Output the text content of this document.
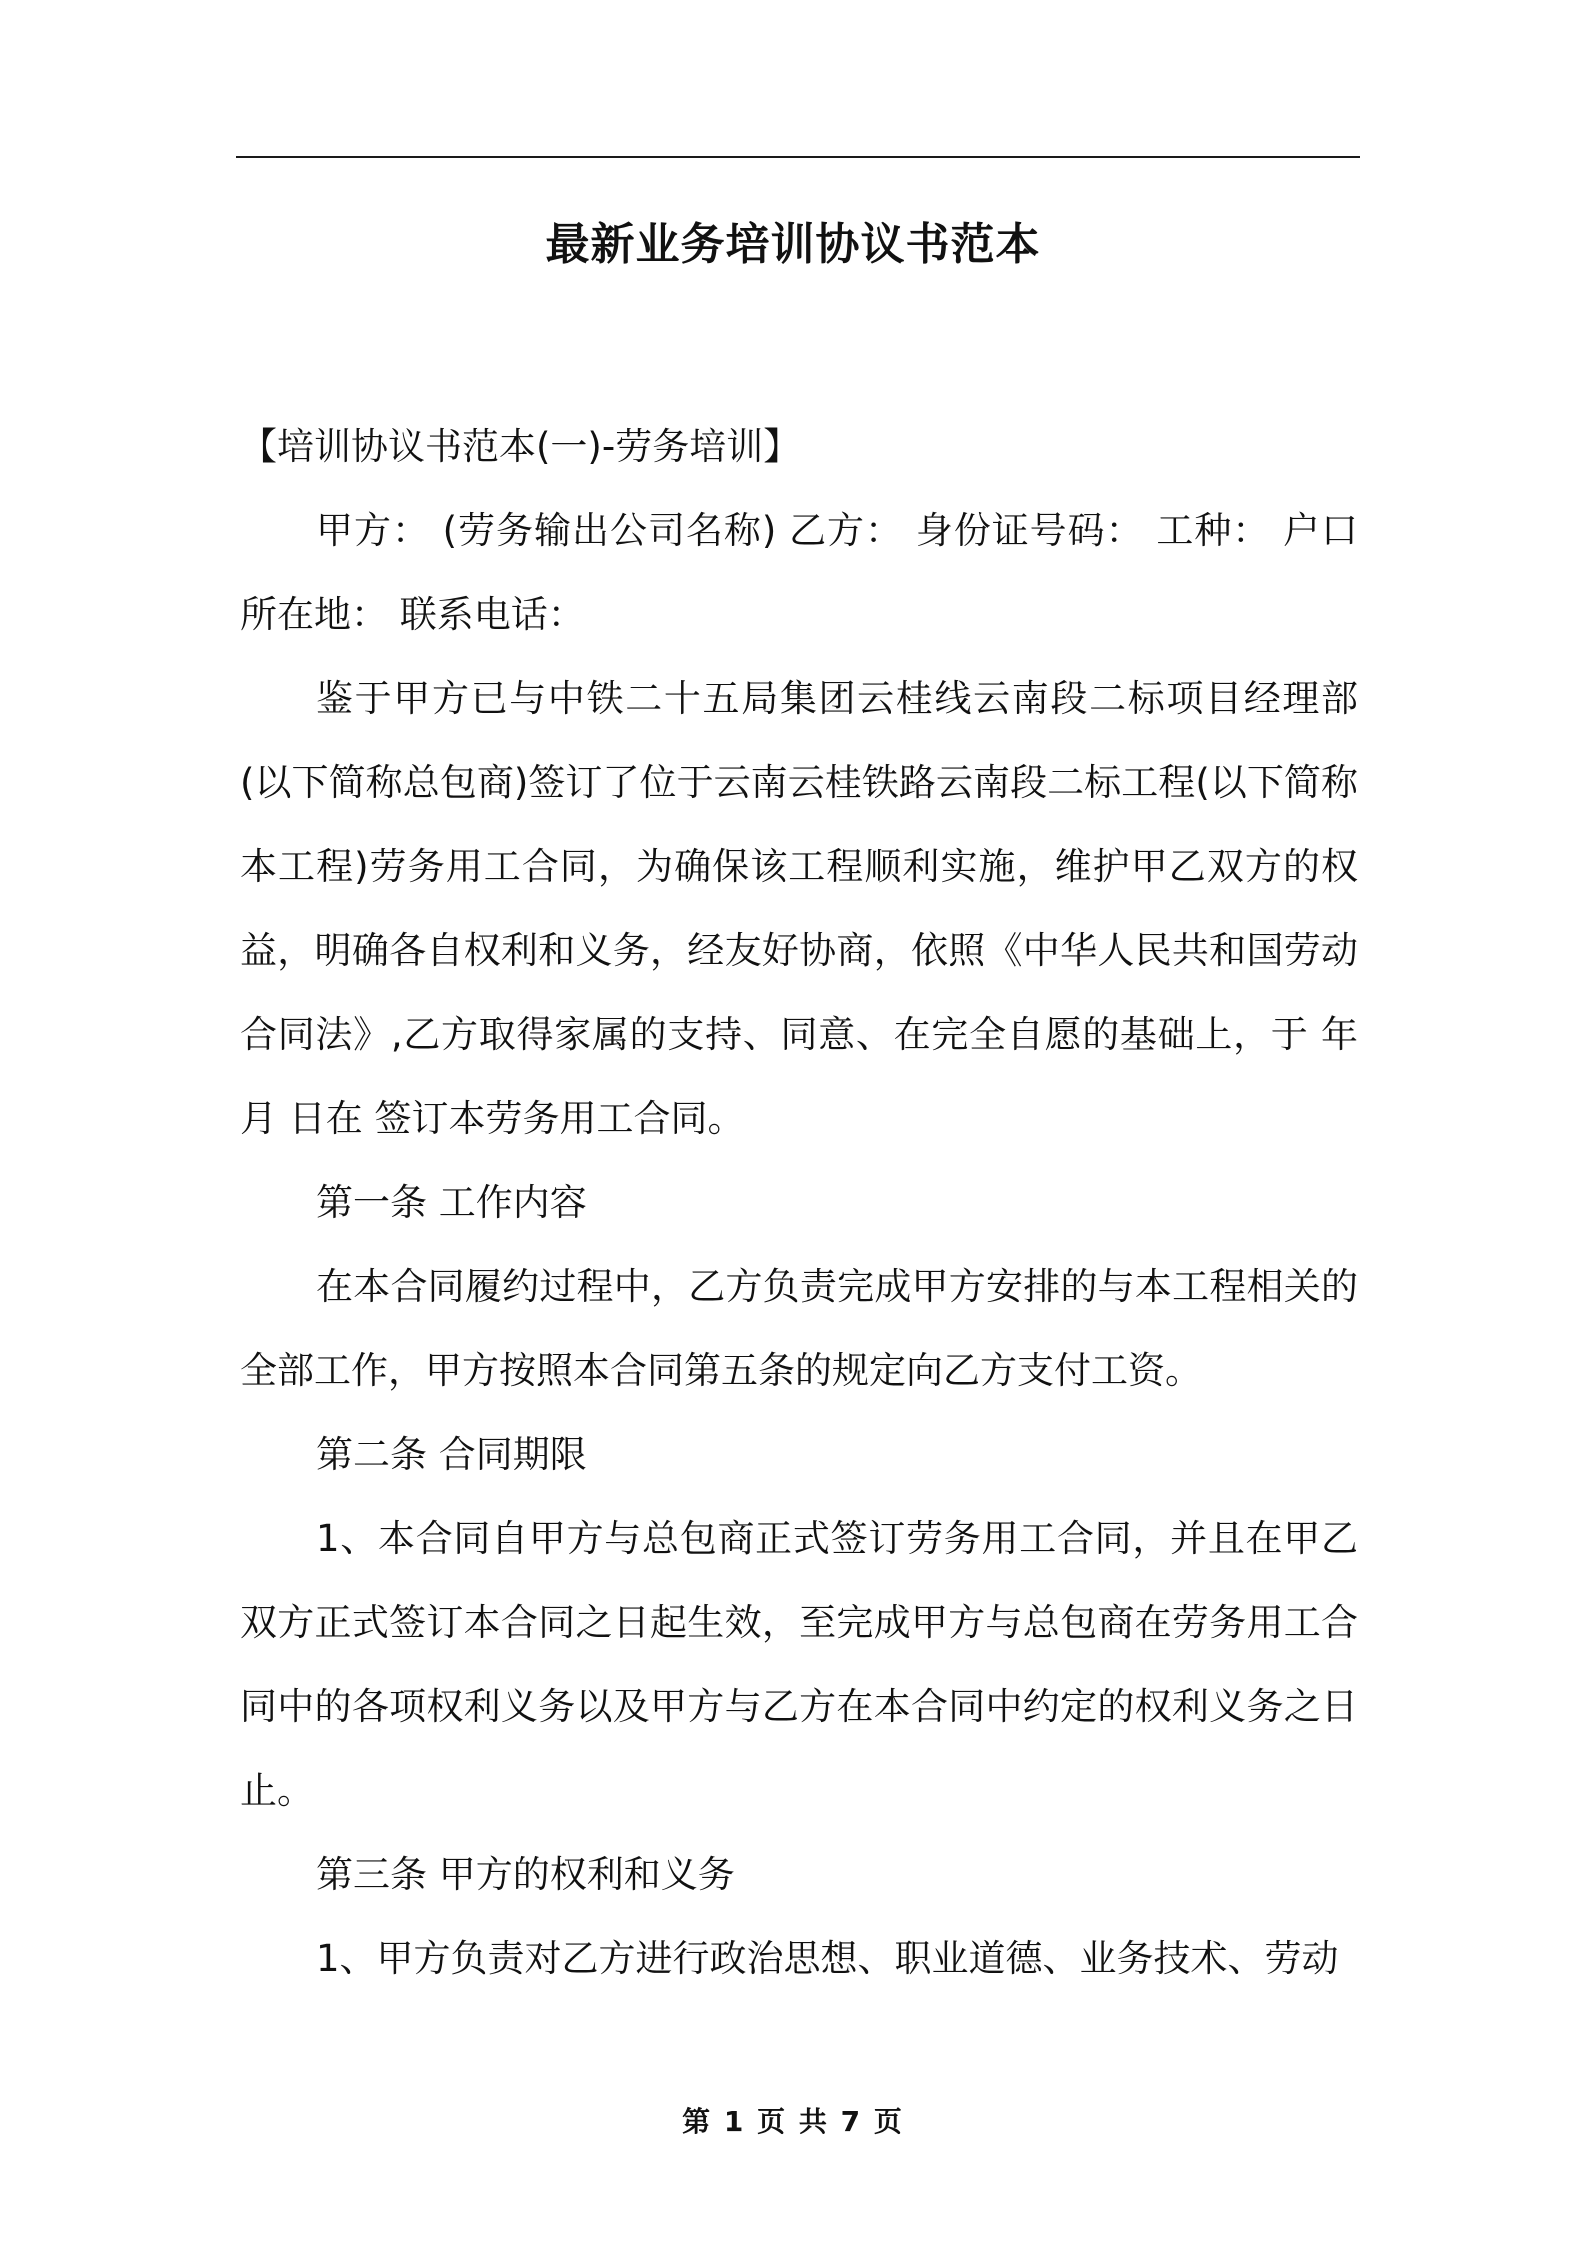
最新业务培训协议书范本

【培训协议书范本(一)-劳务培训】

甲方： (劳务输出公司名称) 乙方： 身份证号码： 工种： 户口所在地： 联系电话：

鉴于甲方已与中铁二十五局集团云桂线云南段二标项目经理部(以下简称总包商)签订了位于云南云桂铁路云南段二标工程(以下简称本工程)劳务用工合同，为确保该工程顺利实施，维护甲乙双方的权益，明确各自权利和义务，经友好协商，依照《中华人民共和国劳动合同法》,乙方取得家属的支持、同意、在完全自愿的基础上，于 年 月 日在 签订本劳务用工合同。

第一条 工作内容

在本合同履约过程中，乙方负责完成甲方安排的与本工程相关的全部工作，甲方按照本合同第五条的规定向乙方支付工资。

第二条 合同期限

1、本合同自甲方与总包商正式签订劳务用工合同，并且在甲乙双方正式签订本合同之日起生效，至完成甲方与总包商在劳务用工合同中的各项权利义务以及甲方与乙方在本合同中约定的权利义务之日止。

第三条 甲方的权利和义务

1、甲方负责对乙方进行政治思想、职业道德、业务技术、劳动

第 1 页 共 7 页
